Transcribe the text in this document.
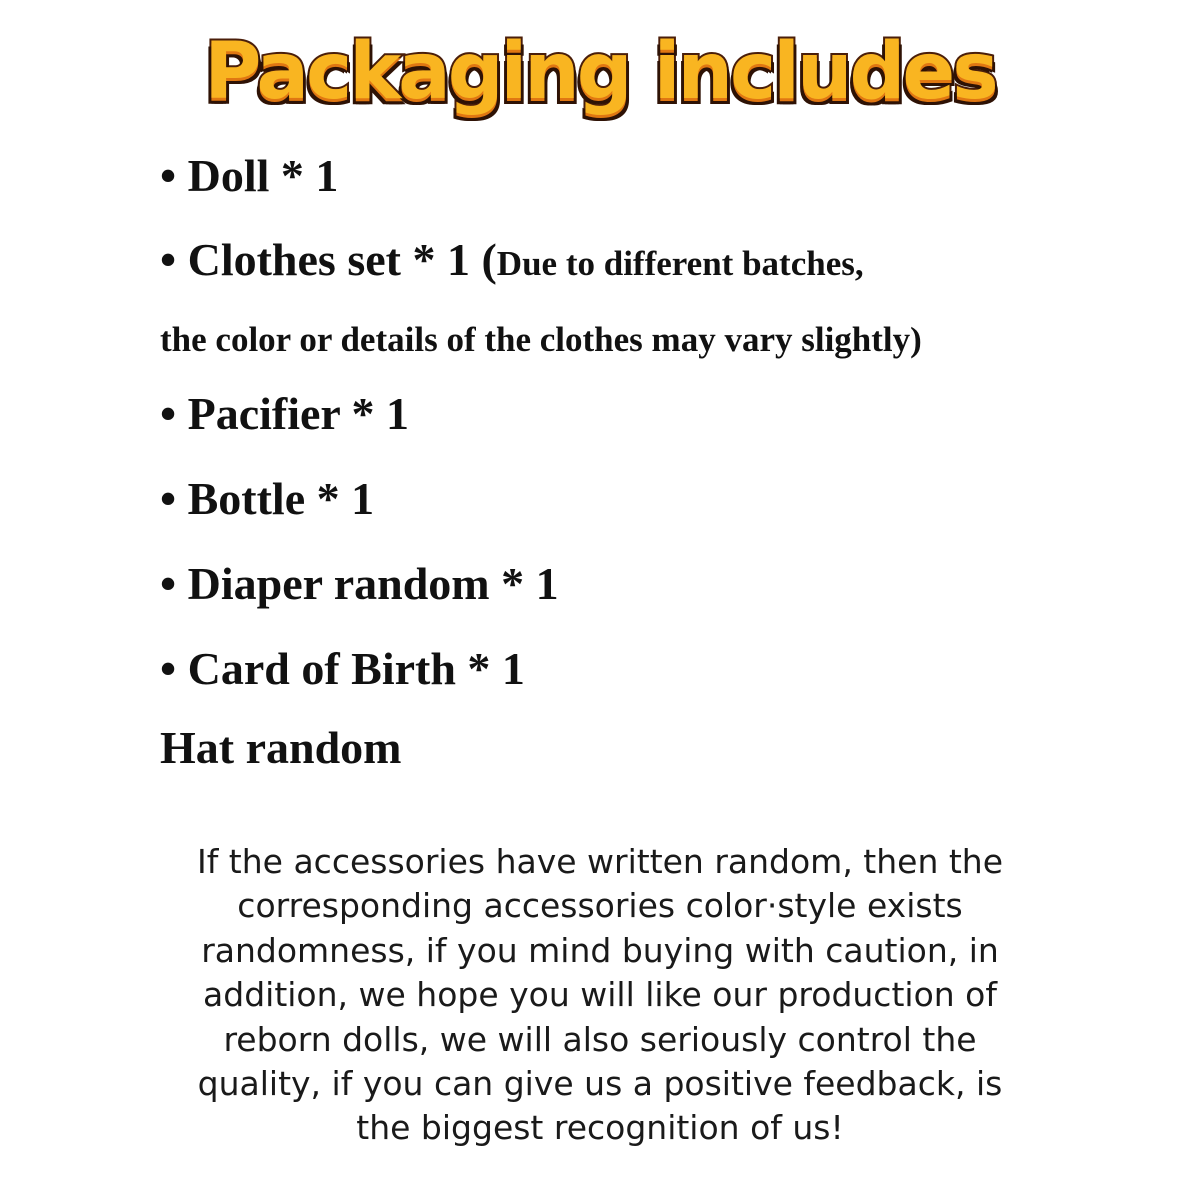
Packaging includes
• Doll * 1
• Clothes set * 1 (Due to different batches,
the color or details of the clothes may vary slightly)
• Pacifier * 1
• Bottle * 1
• Diaper random * 1
• Card of Birth * 1
Hat random
If the accessories have written random, then the
corresponding accessories color·style exists
randomness, if you mind buying with caution, in
addition, we hope you will like our production of
reborn dolls, we will also seriously control the
quality, if you can give us a positive feedback, is
the biggest recognition of us!
